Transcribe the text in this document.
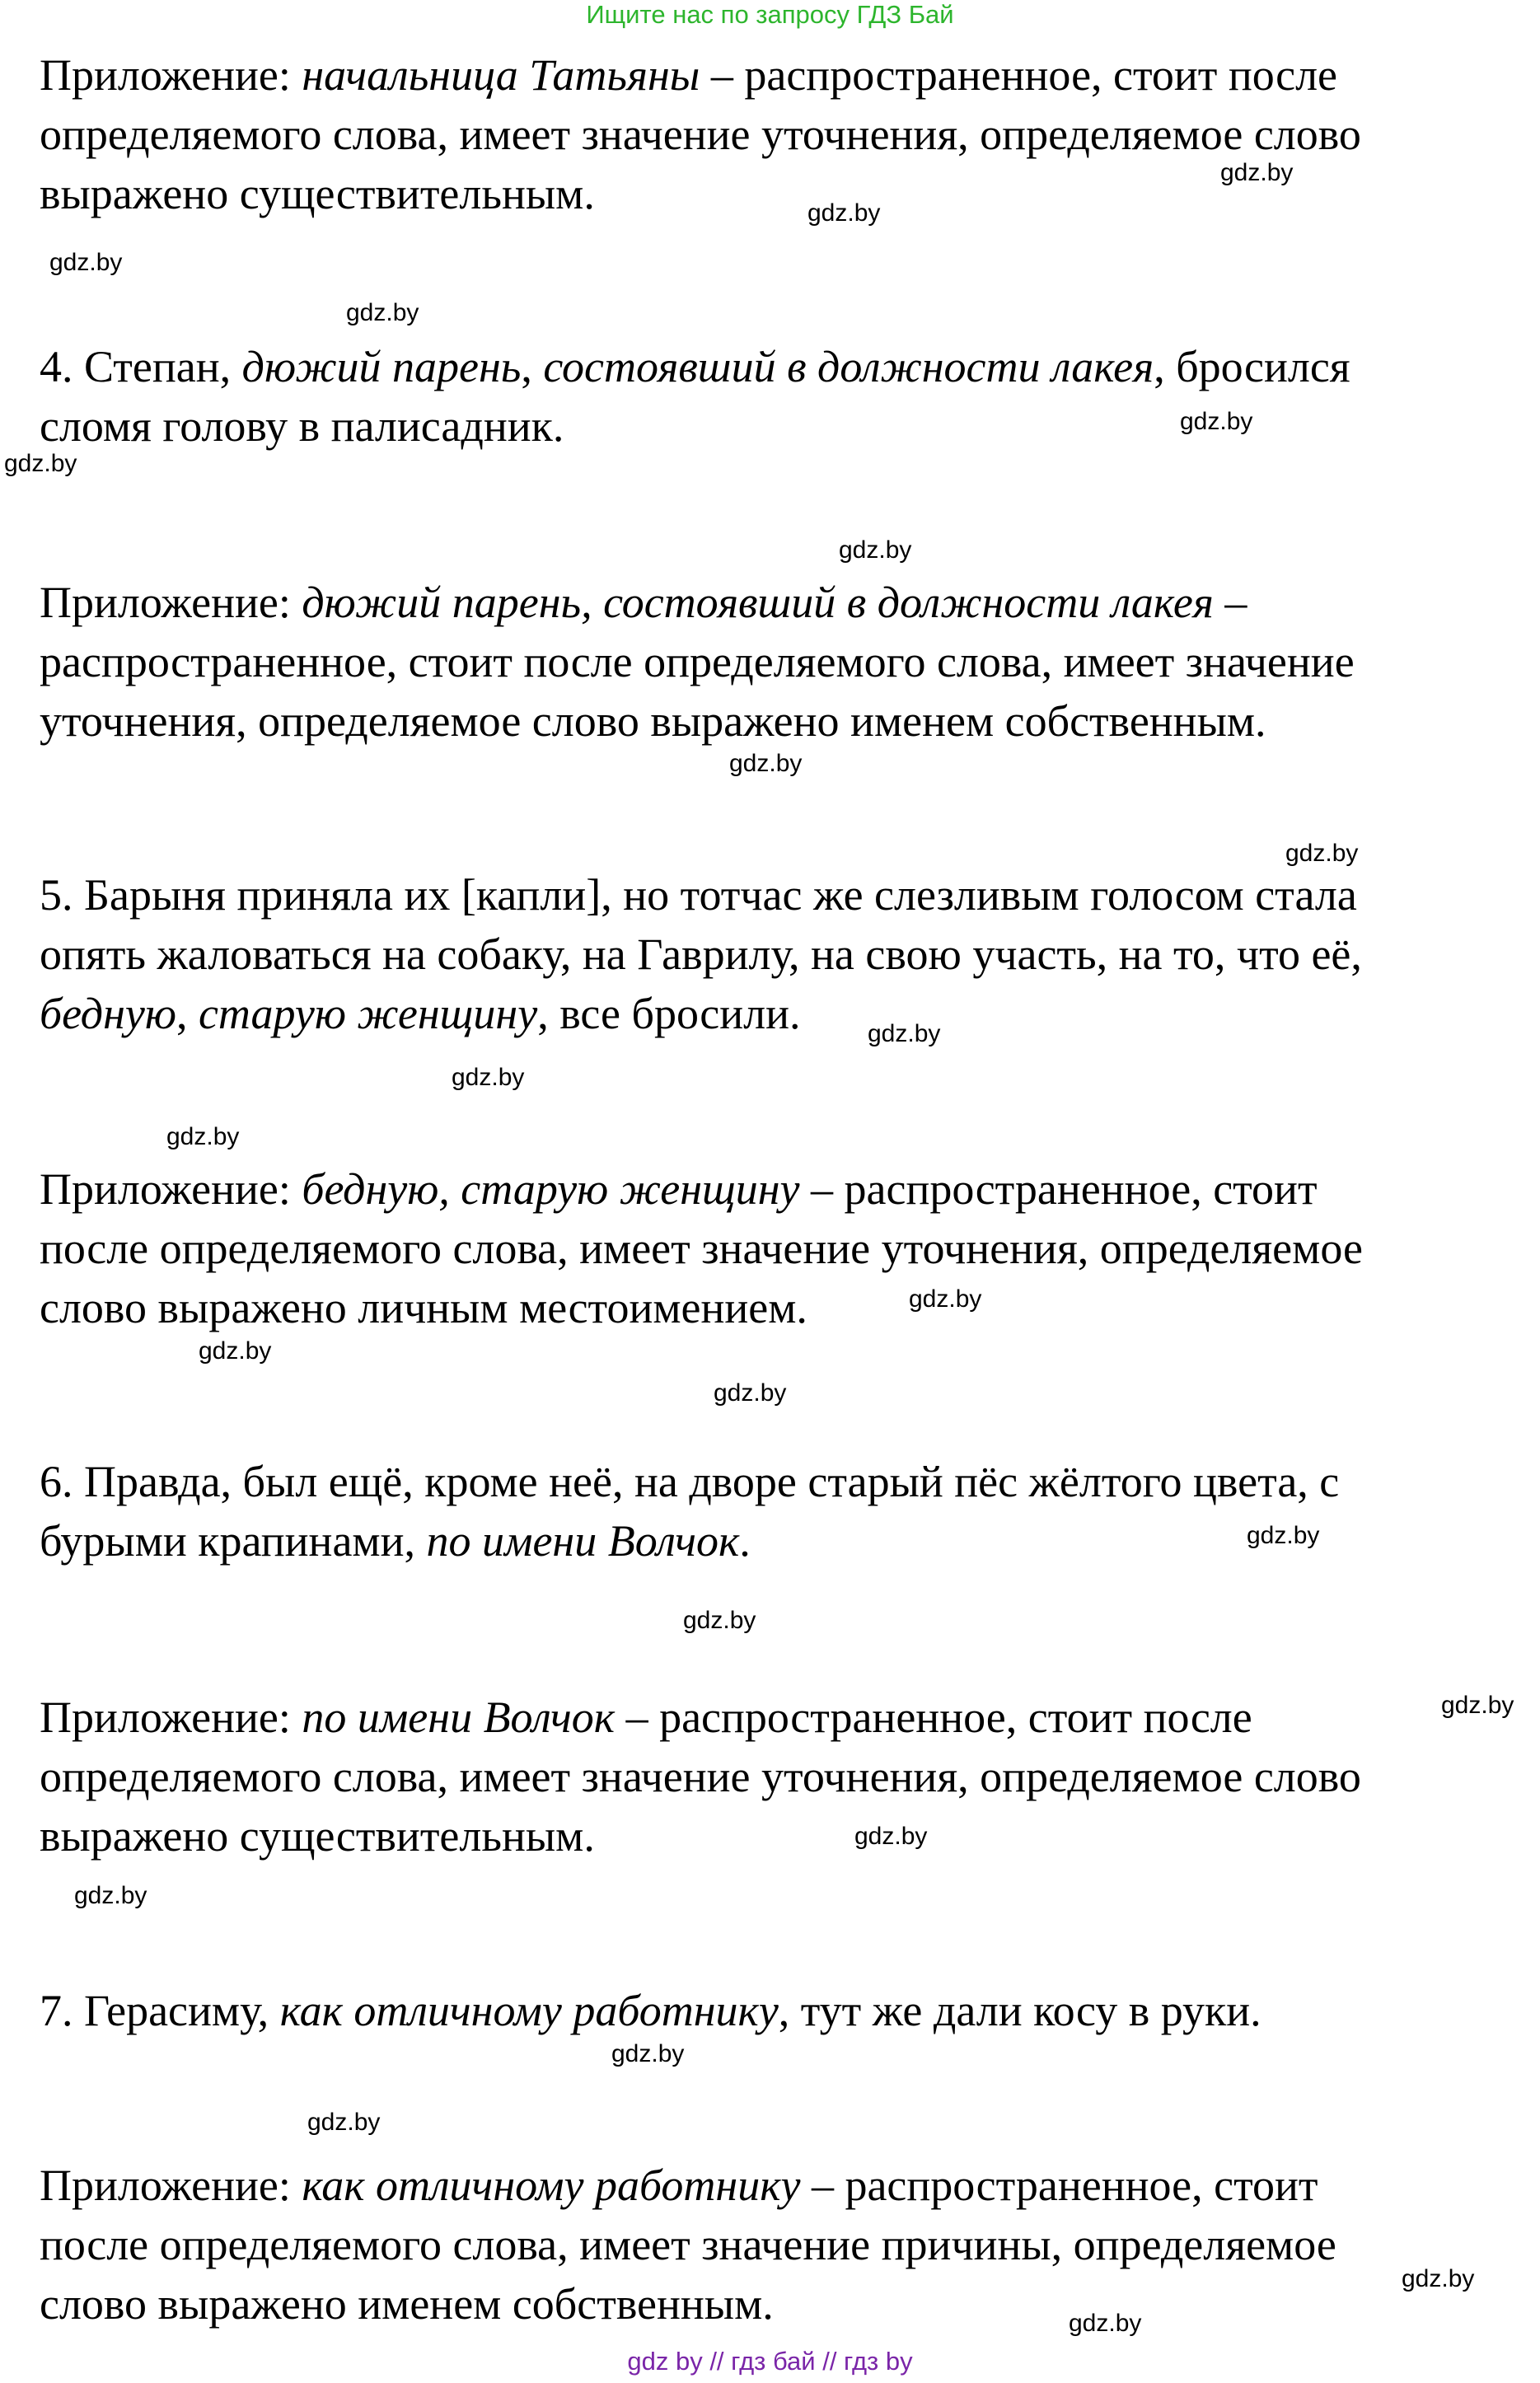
Ищите нас по запросу ГДЗ Бай
Приложение: начальница Татьяны – распространенное, стоит после
определяемого слова, имеет значение уточнения, определяемое слово
выражено существительным.
4. Степан, дюжий парень, состоявший в должности лакея, бросился
сломя голову в палисадник.
Приложение: дюжий парень, состоявший в должности лакея –
распространенное, стоит после определяемого слова, имеет значение
уточнения, определяемое слово выражено именем собственным.
5. Барыня приняла их [капли], но тотчас же слезливым голосом стала
опять жаловаться на собаку, на Гаврилу, на свою участь, на то, что её,
бедную, старую женщину, все бросили.
Приложение: бедную, старую женщину – распространенное, стоит
после определяемого слова, имеет значение уточнения, определяемое
слово выражено личным местоимением.
6. Правда, был ещё, кроме неё, на дворе старый пёс жёлтого цвета, с
бурыми крапинами, по имени Волчок.
Приложение: по имени Волчок – распространенное, стоит после
определяемого слова, имеет значение уточнения, определяемое слово
выражено существительным.
7. Герасиму, как отличному работнику, тут же дали косу в руки.
Приложение: как отличному работнику – распространенное, стоит
после определяемого слова, имеет значение причины, определяемое
слово выражено именем собственным.
gdz.by
gdz.by
gdz.by
gdz.by
gdz.by
gdz.by
gdz.by
gdz.by
gdz.by
gdz.by
gdz.by
gdz.by
gdz.by
gdz.by
gdz.by
gdz.by
gdz.by
gdz.by
gdz.by
gdz.by
gdz.by
gdz.by
gdz.by
gdz.by
gdz by // гдз бай // гдз by
